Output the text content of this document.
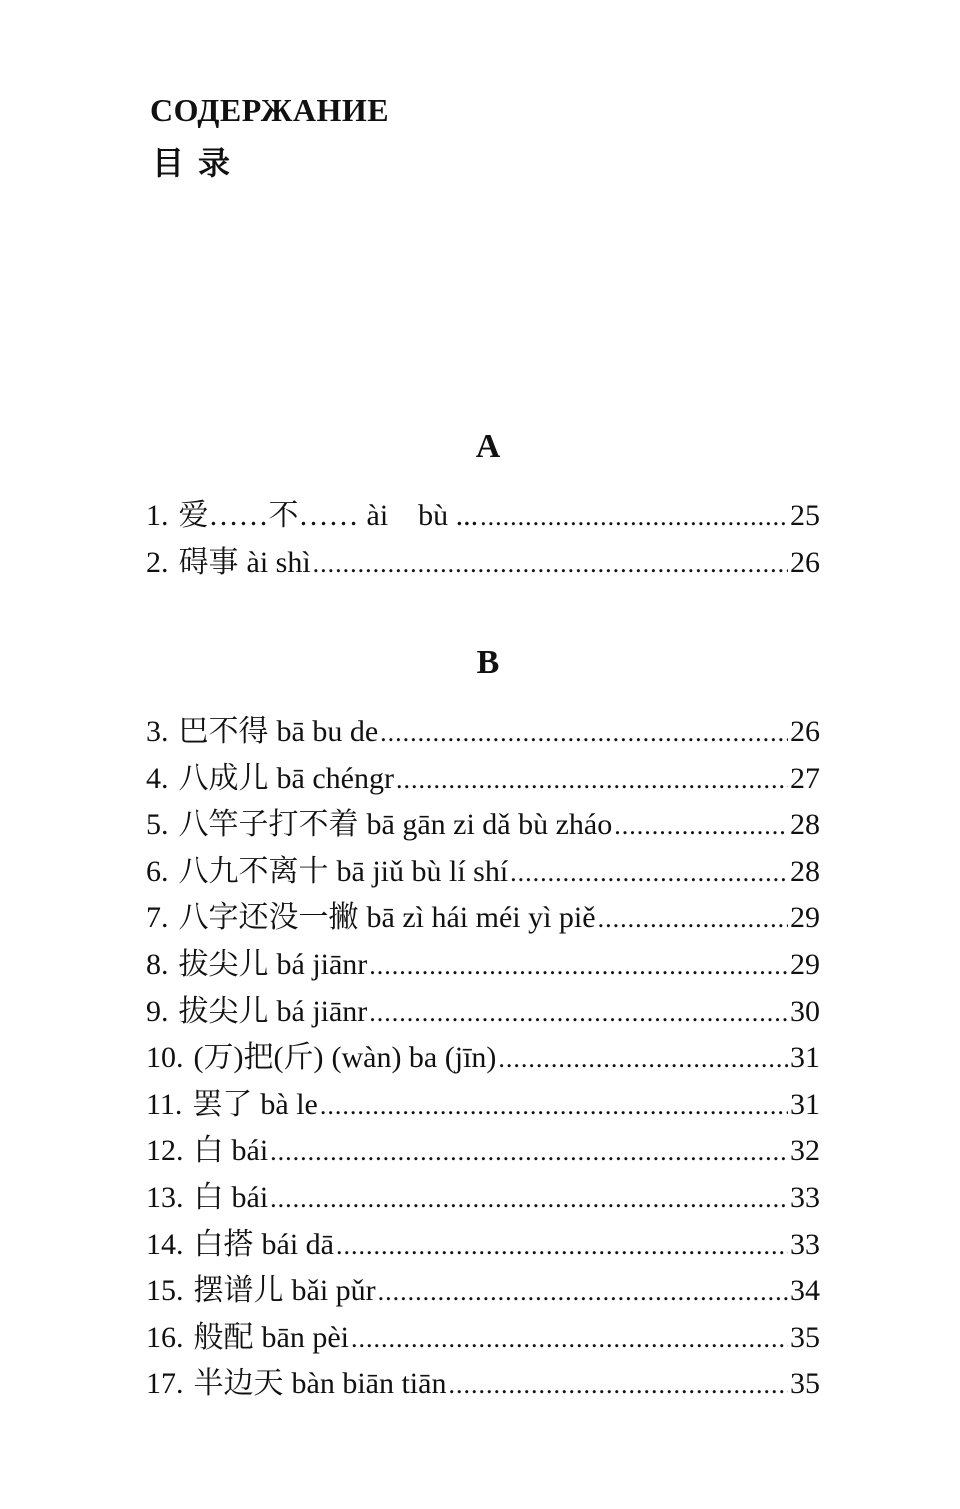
СОДЕРЖАНИЕ
目录
A
1. 爱……不…… ài    bù ... .....	25
2. 碍事 ài shì .....	26
B
3. 巴不得 bā bu de .....	26
4. 八成儿 bā chéngr .....	27
5. 八竿子打不着 bā gān zi dǎ bù zháo .....	28
6. 八九不离十 bā jiǔ bù lí shí .....	28
7. 八字还没一撇 bā zì hái méi yì piě .....	29
8. 拔尖儿 bá jiānr .....	29
9. 拔尖儿 bá jiānr .....	30
10. (万)把(斤) (wàn) ba (jīn) .....	31
11. 罢了 bà le .....	31
12. 白 bái .....	32
13. 白 bái .....	33
14. 白搭 bái dā .....	33
15. 摆谱儿 bǎi pǔr .....	34
16. 般配 bān pèi .....	35
17. 半边天 bàn biān tiān .....	35
